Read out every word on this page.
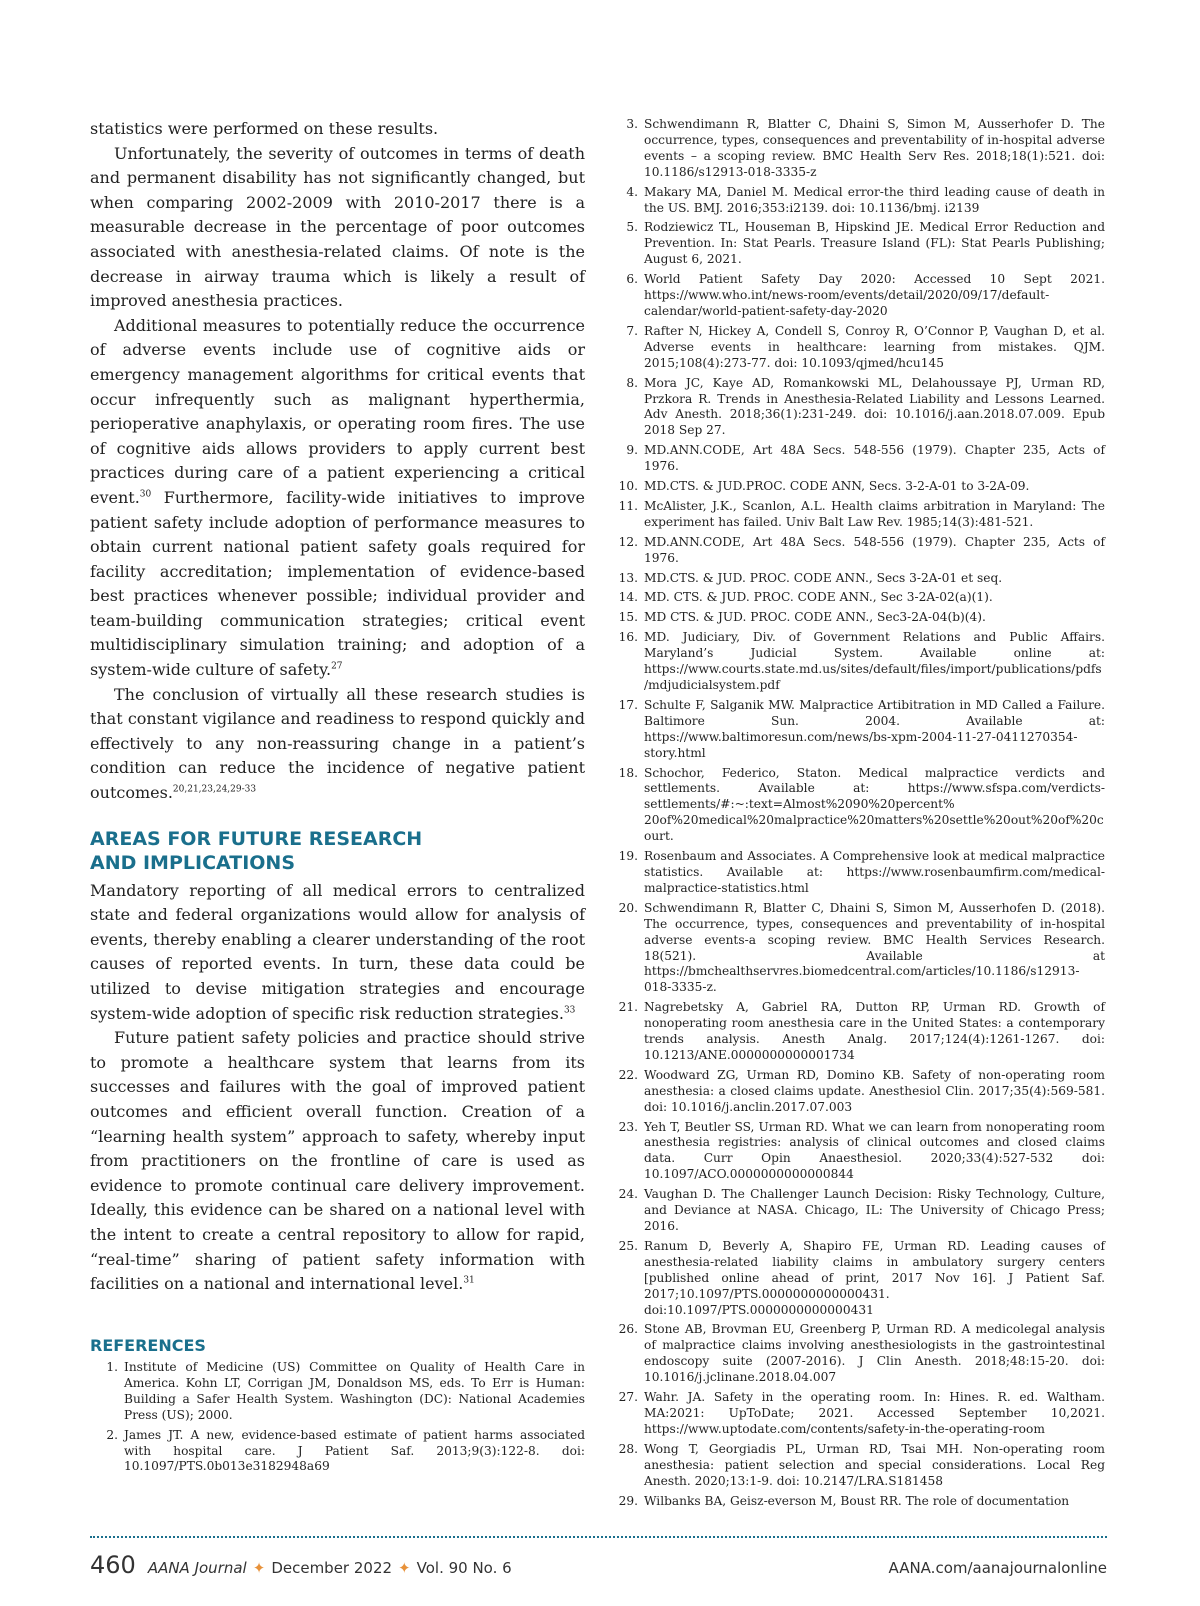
statistics were performed on these results.

Unfortunately, the severity of outcomes in terms of death and permanent disability has not significantly changed, but when comparing 2002-2009 with 2010-2017 there is a measurable decrease in the percentage of poor outcomes associated with anesthesia-related claims. Of note is the decrease in airway trauma which is likely a result of improved anesthesia practices.

Additional measures to potentially reduce the occurrence of adverse events include use of cognitive aids or emergency management algorithms for critical events that occur infrequently such as malignant hyperthermia, perioperative anaphylaxis, or operating room fires. The use of cognitive aids allows providers to apply current best practices during care of a patient experiencing a critical event.$^{30}$ Furthermore, facility-wide initiatives to improve patient safety include adoption of performance measures to obtain current national patient safety goals required for facility accreditation; implementation of evidence-based best practices whenever possible; individual provider and team-building communication strategies; critical event multidisciplinary simulation training; and adoption of a system-wide culture of safety.$^{27}$

The conclusion of virtually all these research studies is that constant vigilance and readiness to respond quickly and effectively to any non-reassuring change in a patient’s condition can reduce the incidence of negative patient outcomes.$^{20,21,23,24,29-33}$

AREAS FOR FUTURE RESEARCH
AND IMPLICATIONS

Mandatory reporting of all medical errors to centralized state and federal organizations would allow for analysis of events, thereby enabling a clearer understanding of the root causes of reported events. In turn, these data could be utilized to devise mitigation strategies and encourage system-wide adoption of specific risk reduction strategies.$^{33}$

Future patient safety policies and practice should strive to promote a healthcare system that learns from its successes and failures with the goal of improved patient outcomes and efficient overall function. Creation of a “learning health system” approach to safety, whereby input from practitioners on the frontline of care is used as evidence to promote continual care delivery improvement. Ideally, this evidence can be shared on a national level with the intent to create a central repository to allow for rapid, “real-time” sharing of patient safety information with facilities on a national and international level.$^{31}$

REFERENCES
1. Institute of Medicine (US) Committee on Quality of Health Care in America. Kohn LT, Corrigan JM, Donaldson MS, eds. To Err is Human: Building a Safer Health System. Washington (DC): National Academies Press (US); 2000.
2. James JT. A new, evidence-based estimate of patient harms associated with hospital care. J Patient Saf. 2013;9(3):122-8. doi: 10.1097/PTS.0b013e3182948a69
3. Schwendimann R, Blatter C, Dhaini S, Simon M, Ausserhofer D. The occurrence, types, consequences and preventability of in-hospital adverse events – a scoping review. BMC Health Serv Res. 2018;18(1):521. doi: 10.1186/s12913-018-3335-z
4. Makary MA, Daniel M. Medical error-the third leading cause of death in the US. BMJ. 2016;353:i2139. doi: 10.1136/bmj. i2139
5. Rodziewicz TL, Houseman B, Hipskind JE. Medical Error Reduction and Prevention. In: Stat Pearls. Treasure Island (FL): Stat Pearls Publishing; August 6, 2021.
6. World Patient Safety Day 2020: Accessed 10 Sept 2021. https://www.who.int/news-room/events/detail/2020/09/17/default-calendar/world-patient-safety-day-2020
7. Rafter N, Hickey A, Condell S, Conroy R, O’Connor P, Vaughan D, et al. Adverse events in healthcare: learning from mistakes. QJM. 2015;108(4):273-77. doi: 10.1093/qjmed/hcu145
8. Mora JC, Kaye AD, Romankowski ML, Delahoussaye PJ, Urman RD, Przkora R. Trends in Anesthesia-Related Liability and Lessons Learned. Adv Anesth. 2018;36(1):231-249. doi: 10.1016/j.aan.2018.07.009. Epub 2018 Sep 27.
9. MD.ANN.CODE, Art 48A Secs. 548-556 (1979). Chapter 235, Acts of 1976.
10. MD.CTS. & JUD.PROC. CODE ANN, Secs. 3-2-A-01 to 3-2A-09.
11. McAlister, J.K., Scanlon, A.L. Health claims arbitration in Maryland: The experiment has failed. Univ Balt Law Rev. 1985;14(3):481-521.
12. MD.ANN.CODE, Art 48A Secs. 548-556 (1979). Chapter 235, Acts of 1976.
13. MD.CTS. & JUD. PROC. CODE ANN., Secs 3-2A-01 et seq.
14. MD. CTS. & JUD. PROC. CODE ANN., Sec 3-2A-02(a)(1).
15. MD CTS. & JUD. PROC. CODE ANN., Sec3-2A-04(b)(4).
16. MD. Judiciary, Div. of Government Relations and Public Affairs. Maryland’s Judicial System. Available online at: https://www.courts.state.md.us/sites/default/files/import/publications/pdfs/mdjudicialsystem.pdf
17. Schulte F, Salganik MW. Malpractice Artibitration in MD Called a Failure. Baltimore Sun. 2004. Available at: https://www.baltimoresun.com/news/bs-xpm-2004-11-27-0411270354-story.html
18. Schochor, Federico, Staton. Medical malpractice verdicts and settlements. Available at: https://www.sfspa.com/verdicts-settlements/#:~:text=Almost%2090%20percent% 20of%20medical%20malpractice%20matters%20settle%20out%20of%20court.
19. Rosenbaum and Associates. A Comprehensive look at medical malpractice statistics. Available at: https://www.rosenbaumfirm.com/medical-malpractice-statistics.html
20. Schwendimann R, Blatter C, Dhaini S, Simon M, Ausserhofen D. (2018). The occurrence, types, consequences and preventability of in-hospital adverse events-a scoping review. BMC Health Services Research. 18(521). Available at https://bmchealthservres.biomedcentral.com/articles/10.1186/s12913-018-3335-z.
21. Nagrebetsky A, Gabriel RA, Dutton RP, Urman RD. Growth of nonoperating room anesthesia care in the United States: a contemporary trends analysis. Anesth Analg. 2017;124(4):1261-1267. doi: 10.1213/ANE.0000000000001734
22. Woodward ZG, Urman RD, Domino KB. Safety of non-operating room anesthesia: a closed claims update. Anesthesiol Clin. 2017;35(4):569-581. doi: 10.1016/j.anclin.2017.07.003
23. Yeh T, Beutler SS, Urman RD. What we can learn from nonoperating room anesthesia registries: analysis of clinical outcomes and closed claims data. Curr Opin Anaesthesiol. 2020;33(4):527-532 doi: 10.1097/ACO.0000000000000844
24. Vaughan D. The Challenger Launch Decision: Risky Technology, Culture, and Deviance at NASA. Chicago, IL: The University of Chicago Press; 2016.
25. Ranum D, Beverly A, Shapiro FE, Urman RD. Leading causes of anesthesia-related liability claims in ambulatory surgery centers [published online ahead of print, 2017 Nov 16]. J Patient Saf. 2017;10.1097/PTS.0000000000000431. doi:10.1097/PTS.0000000000000431
26. Stone AB, Brovman EU, Greenberg P, Urman RD. A medicolegal analysis of malpractice claims involving anesthesiologists in the gastrointestinal endoscopy suite (2007-2016). J Clin Anesth. 2018;48:15-20. doi: 10.1016/j.jclinane.2018.04.007
27. Wahr. JA. Safety in the operating room. In: Hines. R. ed. Waltham. MA:2021: UpToDate; 2021. Accessed September 10,2021. https://www.uptodate.com/contents/safety-in-the-operating-room
28. Wong T, Georgiadis PL, Urman RD, Tsai MH. Non-operating room anesthesia: patient selection and special considerations. Local Reg Anesth. 2020;13:1-9. doi: 10.2147/LRA.S181458
29. Wilbanks BA, Geisz-everson M, Boust RR. The role of documentation
460 AANA Journal ✦ December 2022 ✦ Vol. 90 No. 6	AANA.com/aanajournalonline
